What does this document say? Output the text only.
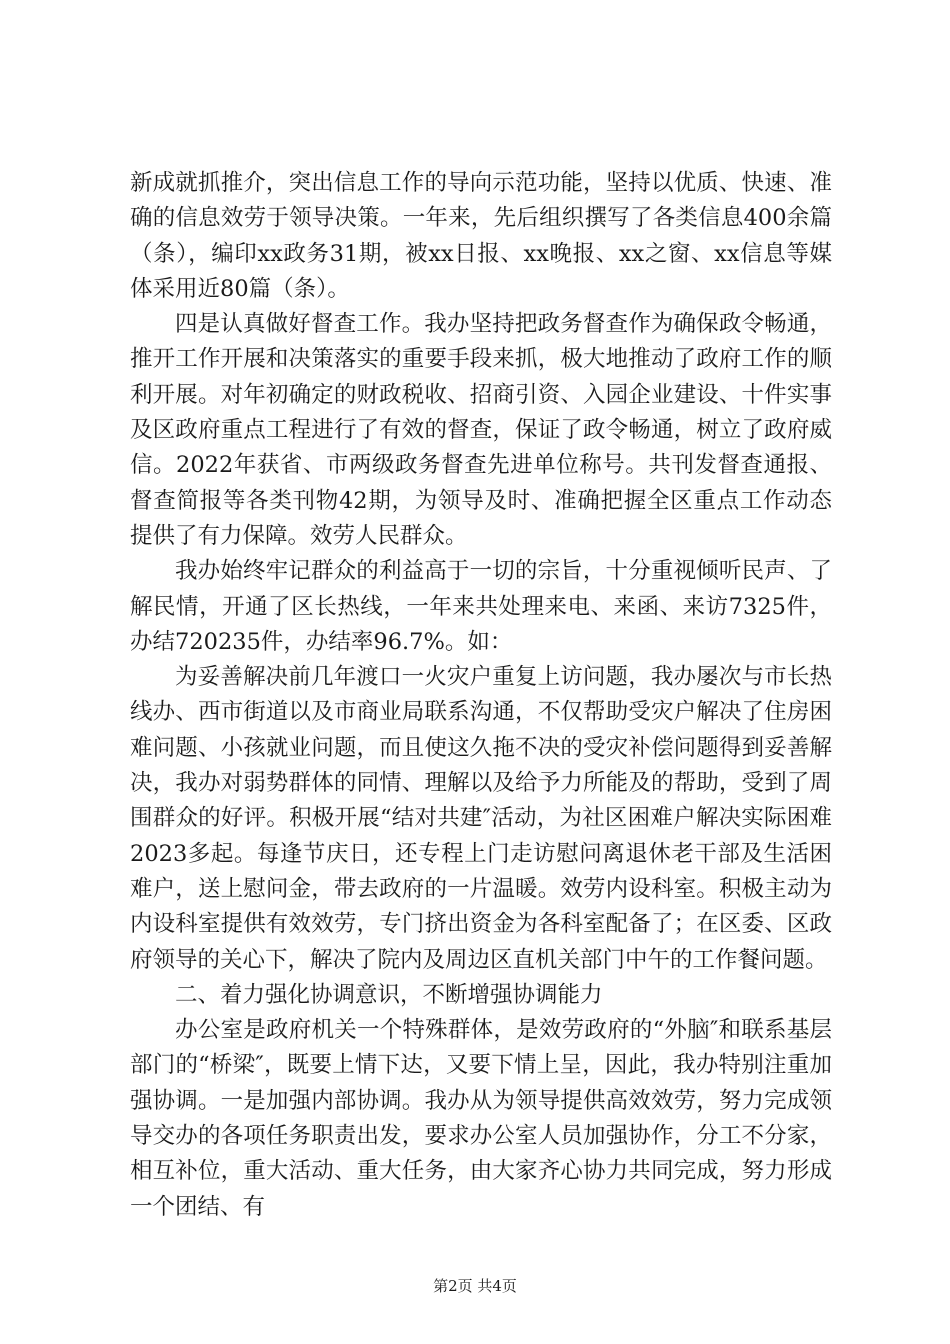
新成就抓推介，突出信息工作的导向示范功能，坚持以优质、快速、准确的信息效劳于领导决策。一年来，先后组织撰写了各类信息400余篇（条），编印xx政务31期，被xx日报、xx晚报、xx之窗、xx信息等媒体采用近80篇（条）。

四是认真做好督查工作。我办坚持把政务督查作为确保政令畅通，推开工作开展和决策落实的重要手段来抓，极大地推动了政府工作的顺利开展。对年初确定的财政税收、招商引资、入园企业建设、十件实事及区政府重点工程进行了有效的督查，保证了政令畅通，树立了政府威信。2022年获省、市两级政务督查先进单位称号。共刊发督查通报、督查简报等各类刊物42期，为领导及时、准确把握全区重点工作动态提供了有力保障。效劳人民群众。

我办始终牢记群众的利益高于一切的宗旨，十分重视倾听民声、了解民情，开通了区长热线，一年来共处理来电、来函、来访7325件，办结720235件，办结率96.7%。如：

为妥善解决前几年渡口一火灾户重复上访问题，我办屡次与市长热线办、西市街道以及市商业局联系沟通，不仅帮助受灾户解决了住房困难问题、小孩就业问题，而且使这久拖不决的受灾补偿问题得到妥善解决，我办对弱势群体的同情、理解以及给予力所能及的帮助，受到了周围群众的好评。积极开展“结对共建″活动，为社区困难户解决实际困难2023多起。每逢节庆日，还专程上门走访慰问离退休老干部及生活困难户，送上慰问金，带去政府的一片温暖。效劳内设科室。积极主动为内设科室提供有效效劳，专门挤出资金为各科室配备了；在区委、区政府领导的关心下，解决了院内及周边区直机关部门中午的工作餐问题。

二、着力强化协调意识，不断增强协调能力

办公室是政府机关一个特殊群体，是效劳政府的“外脑″和联系基层部门的“桥梁″，既要上情下达，又要下情上呈，因此，我办特别注重加强协调。一是加强内部协调。我办从为领导提供高效效劳，努力完成领导交办的各项任务职责出发，要求办公室人员加强协作，分工不分家，相互补位，重大活动、重大任务，由大家齐心协力共同完成，努力形成一个团结、有

第2页 共4页
